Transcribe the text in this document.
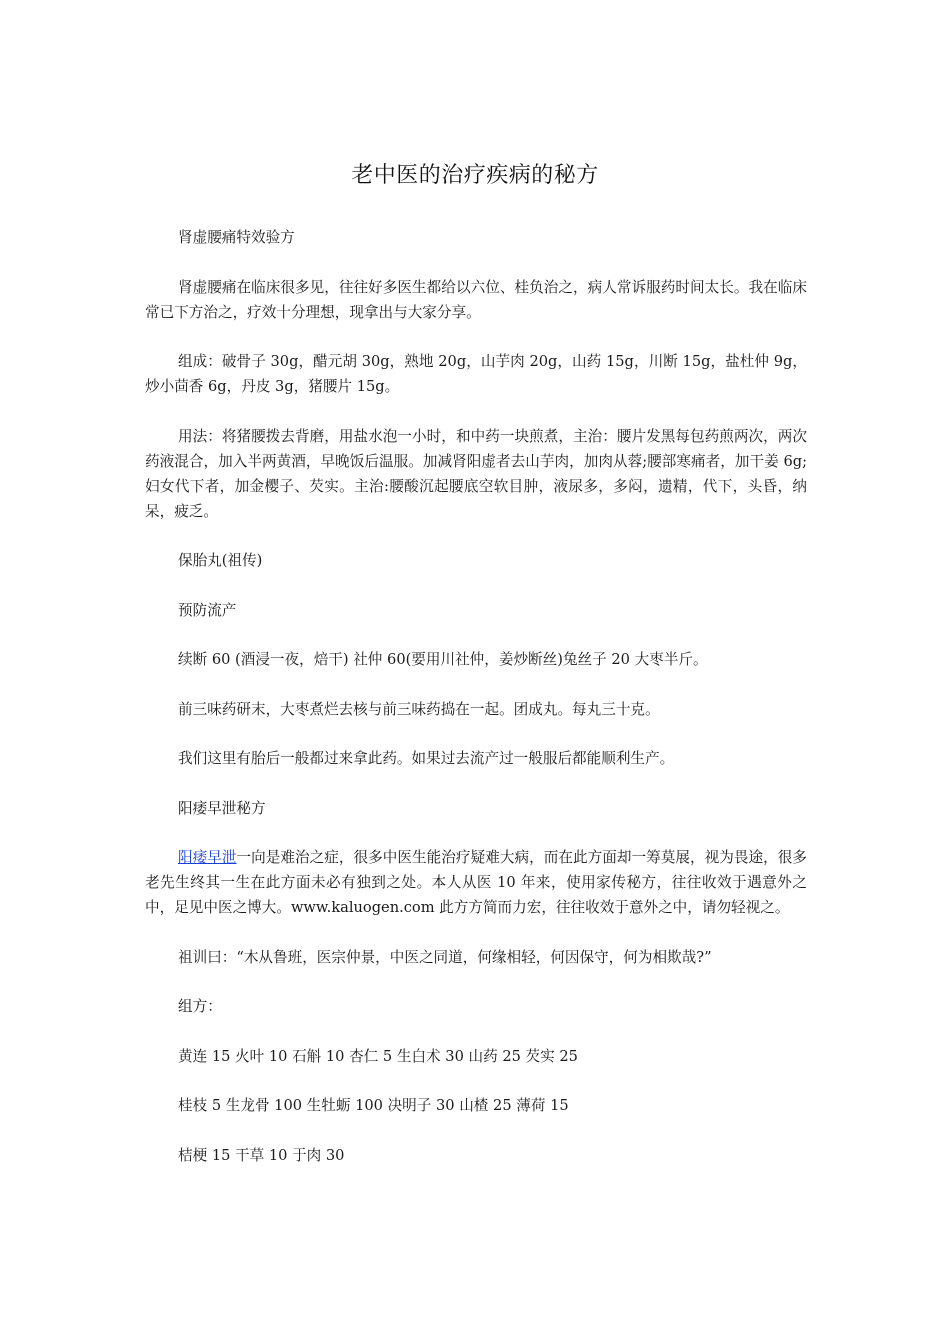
老中医的治疗疾病的秘方

肾虚腰痛特效验方

肾虚腰痛在临床很多见，往往好多医生都给以六位、桂负治之，病人常诉服药时间太长。我在临床常已下方治之，疗效十分理想，现拿出与大家分享。

组成：破骨子 30g，醋元胡 30g，熟地 20g，山芋肉 20g，山药 15g，川断 15g，盐杜仲 9g，炒小茴香 6g，丹皮 3g，猪腰片 15g。

用法：将猪腰拨去背磨，用盐水泡一小时，和中药一块煎煮，主治：腰片发黑每包药煎两次，两次药液混合，加入半两黄酒，早晚饭后温服。加减肾阳虚者去山芋肉，加肉从蓉;腰部寒痛者，加干姜 6g;妇女代下者，加金樱子、芡实。主治:腰酸沉起腰底空软目肿，液尿多，多闷，遗精，代下，头昏，纳呆，疲乏。

保胎丸(祖传)

预防流产

续断 60 (酒浸一夜，焙干) 社仲 60(要用川社仲，姜炒断丝)兔丝子 20 大枣半斤。

前三味药研末，大枣煮烂去核与前三味药捣在一起。团成丸。每丸三十克。

我们这里有胎后一般都过来拿此药。如果过去流产过一般服后都能顺利生产。

阳痿早泄秘方

阳痿早泄一向是难治之症，很多中医生能治疗疑难大病，而在此方面却一筹莫展，视为畏途，很多老先生终其一生在此方面未必有独到之处。本人从医 10 年来，使用家传秘方，往往收效于遇意外之中，足见中医之博大。www.kaluogen.com 此方方简而力宏，往往收效于意外之中，请勿轻视之。

祖训曰：“木从鲁班，医宗仲景，中医之同道，何缘相轻，何因保守，何为相欺哉?”

组方：

黄连 15 火叶 10 石斛 10 杏仁 5 生白术 30 山药 25 芡实 25

桂枝 5 生龙骨 100 生牡蛎 100 决明子 30 山楂 25 薄荷 15

桔梗 15 干草 10 于肉 30
